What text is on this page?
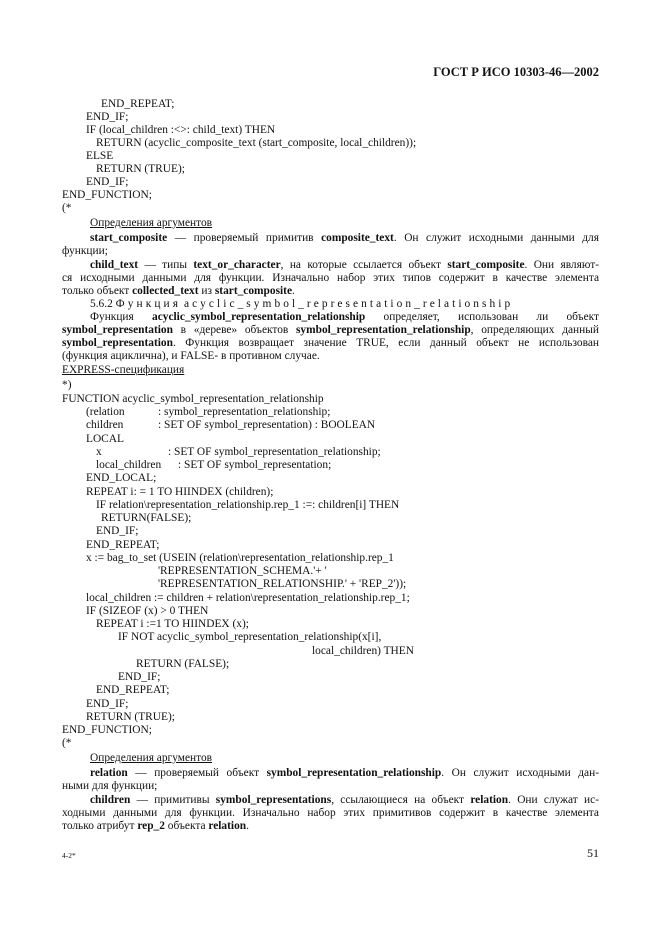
ГОСТ Р ИСО 10303-46—2002
END_REPEAT;
END_IF;
IF (local_children :<>: child_text) THEN
RETURN (acyclic_composite_text (start_composite, local_children));
ELSE
RETURN (TRUE);
END_IF;
END_FUNCTION;
(*
Определения аргументов
start_composite — проверяемый примитив composite_text. Он служит исходными данными для
функции;
child_text — типы text_or_character, на которые ссылается объект start_composite. Они являют-
ся исходными данными для функции. Изначально набор этих типов содержит в качестве элемента
только объект collected_text из start_composite.
5.6.2 Функция acyclic_symbol_representation_relationship
Функция acyclic_symbol_representation_relationship определяет, использован ли объект
symbol_representation в «дереве» объектов symbol_representation_relationship, определяющих данный
symbol_representation. Функция возвращает значение TRUE, если данный объект не использован
(функция ациклична), и FALSE- в противном случае.
EXPRESS-спецификация
*)
FUNCTION acyclic_symbol_representation_relationship
(relation	: symbol_representation_relationship;
children	: SET OF symbol_representation) : BOOLEAN
LOCAL
x	: SET OF symbol_representation_relationship;
local_children : SET OF symbol_representation;
END_LOCAL;
REPEAT i: = 1 TO HIINDEX (children);
IF relation\representation_relationship.rep_1 :=: children[i] THEN
RETURN(FALSE);
END_IF;
END_REPEAT;
x := bag_to_set (USEIN (relation\representation_relationship.rep_1
'REPRESENTATION_SCHEMA.'+ '
'REPRESENTATION_RELATIONSHIP.' + 'REP_2'));
local_children := children + relation\representation_relationship.rep_1;
IF (SIZEOF (x) > 0 THEN
REPEAT i :=1 TO HIINDEX (x);
IF NOT acyclic_symbol_representation_relationship(x[i],
local_children) THEN
RETURN (FALSE);
END_IF;
END_REPEAT;
END_IF;
RETURN (TRUE);
END_FUNCTION;
(*
Определения аргументов
relation — проверяемый объект symbol_representation_relationship. Он служит исходными дан-
ными для функции;
children — примитивы symbol_representations, ссылающиеся на объект relation. Они служат ис-
ходными данными для функции. Изначально набор этих примитивов содержит в качестве элемента
только атрибут rep_2 объекта relation.
4-2*	51
